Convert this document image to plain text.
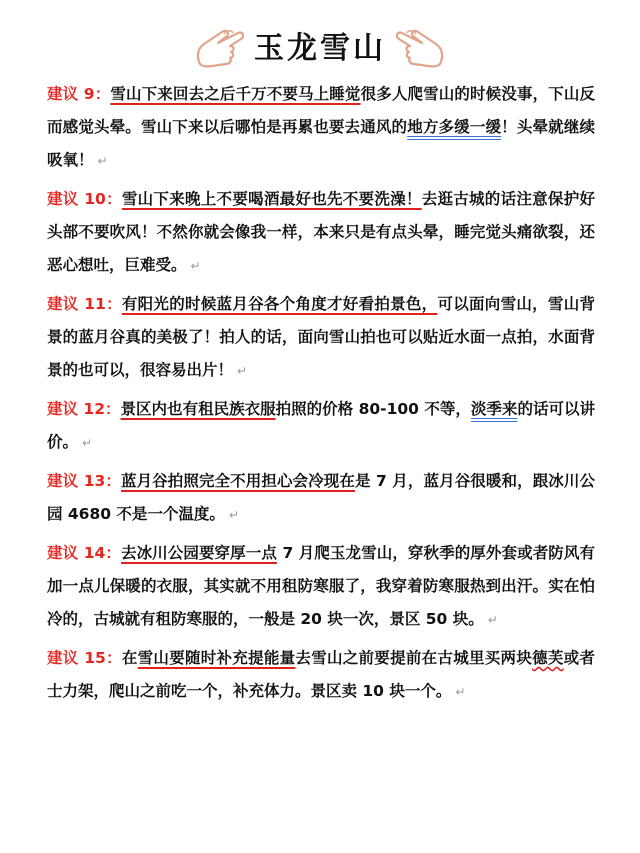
玉龙雪山

建议 9：雪山下来回去之后千万不要马上睡觉很多人爬雪山的时候没事，下山反而感觉头晕。雪山下来以后哪怕是再累也要去通风的地方多缓一缓！头晕就继续吸氧！ ↵

建议 10：雪山下来晚上不要喝酒最好也先不要洗澡！去逛古城的话注意保护好头部不要吹风！不然你就会像我一样，本来只是有点头晕，睡完觉头痛欲裂，还恶心想吐，巨难受。 ↵

建议 11：有阳光的时候蓝月谷各个角度才好看拍景色，可以面向雪山，雪山背景的蓝月谷真的美极了！拍人的话，面向雪山拍也可以贴近水面一点拍，水面背景的也可以，很容易出片！ ↵

建议 12：景区内也有租民族衣服拍照的价格 80-100 不等，淡季来的话可以讲价。 ↵

建议 13：蓝月谷拍照完全不用担心会冷现在是 7 月，蓝月谷很暖和，跟冰川公园 4680 不是一个温度。 ↵

建议 14：去冰川公园要穿厚一点 7 月爬玉龙雪山，穿秋季的厚外套或者防风有加一点儿保暖的衣服，其实就不用租防寒服了，我穿着防寒服热到出汗。实在怕冷的，古城就有租防寒服的，一般是 20 块一次，景区 50 块。 ↵

建议 15：在雪山要随时补充提能量去雪山之前要提前在古城里买两块德芙或者士力架，爬山之前吃一个，补充体力。景区卖 10 块一个。 ↵
